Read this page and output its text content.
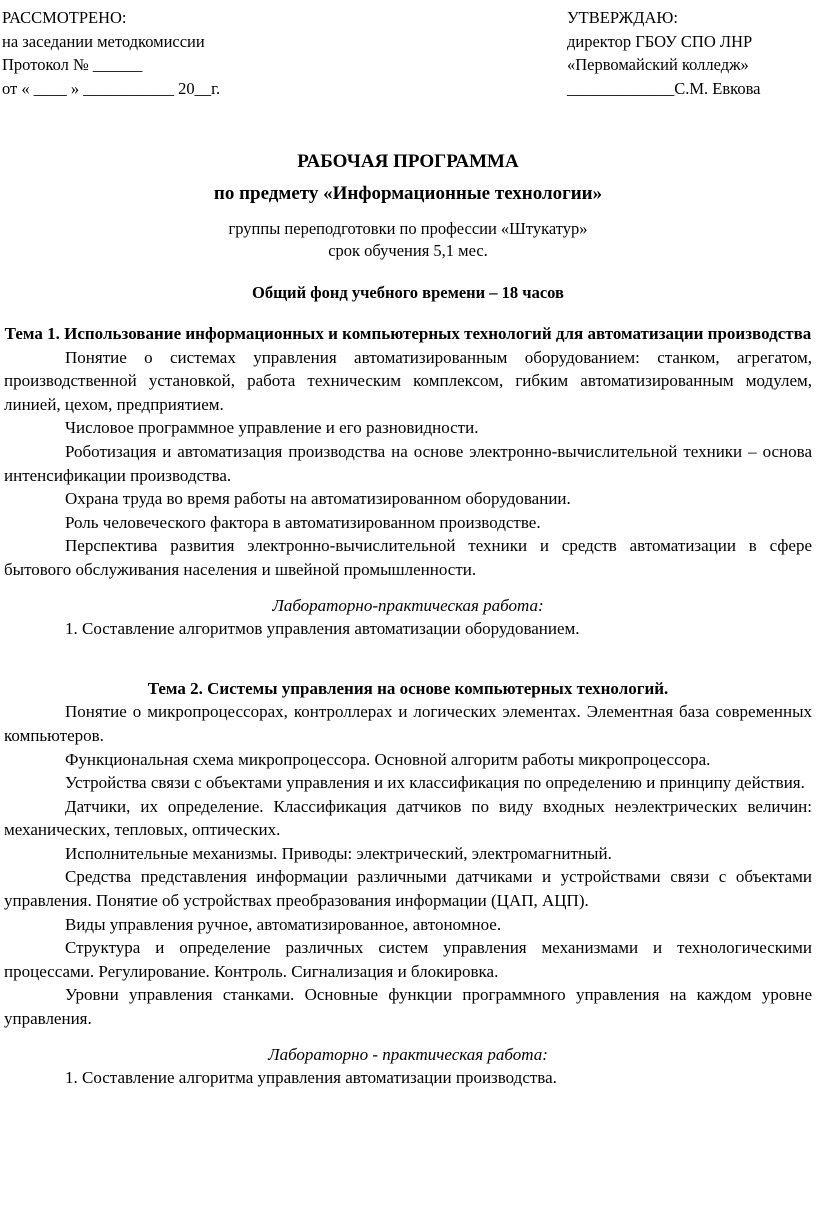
РАССМОТРЕНО:
на заседании методкомиссии
Протокол № ______
от « ____ » ___________ 20__г.
УТВЕРЖДАЮ:
директор ГБОУ СПО ЛНР
«Первомайский колледж»
_____________С.М. Евкова
РАБОЧАЯ ПРОГРАММА
по предмету «Информационные технологии»
группы переподготовки по профессии «Штукатур»
срок обучения 5,1 мес.
Общий фонд учебного времени – 18 часов
Тема 1. Использование информационных и компьютерных технологий для автоматизации производства

Понятие о системах управления автоматизированным оборудованием: станком, агрегатом, производственной установкой, работа техническим комплексом, гибким автоматизированным модулем, линией, цехом, предприятием.

Числовое программное управление и его разновидности.

Роботизация и автоматизация производства на основе электронно-вычислительной техники – основа интенсификации производства.

Охрана труда во время работы на автоматизированном оборудовании.

Роль человеческого фактора в автоматизированном производстве.

Перспектива развития электронно-вычислительной техники и средств автоматизации в сфере бытового обслуживания населения и швейной промышленности.

Лабораторно-практическая работа:

1. Составление алгоритмов управления автоматизации оборудованием.

Тема 2. Системы управления на основе компьютерных технологий.

Понятие о микропроцессорах, контроллерах и логических элементах. Элементная база современных компьютеров.

Функциональная схема микропроцессора. Основной алгоритм работы микропроцессора.

Устройства связи с объектами управления и их классификация по определению и принципу действия.

Датчики, их определение. Классификация датчиков по виду входных неэлектрических величин: механических, тепловых, оптических.

Исполнительные механизмы. Приводы: электрический, электромагнитный.

Средства представления информации различными датчиками и устройствами связи с объектами управления. Понятие об устройствах преобразования информации (ЦАП, АЦП).

Виды управления ручное, автоматизированное, автономное.

Структура и определение различных систем управления механизмами и технологическими процессами. Регулирование. Контроль. Сигнализация и блокировка.

Уровни управления станками. Основные функции программного управления на каждом уровне управления.

Лабораторно - практическая работа:

1. Составление алгоритма управления автоматизации производства.
